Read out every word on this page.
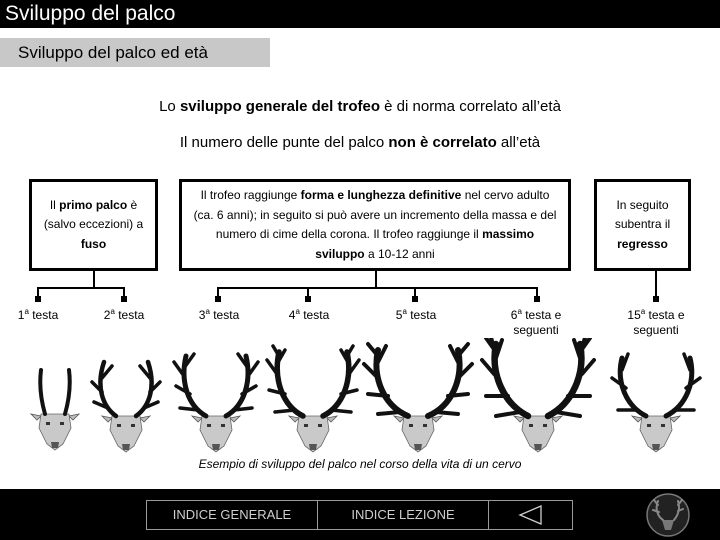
Sviluppo del palco
Sviluppo del palco ed età
Lo sviluppo generale del trofeo è di norma correlato all’età
Il numero delle punte del palco non è correlato all’età
Il primo palco è (salvo eccezioni) a fuso
Il trofeo raggiunge forma e lunghezza definitive nel cervo adulto (ca. 6 anni); in seguito si può avere un incremento della massa e del numero di cime della corona. Il trofeo raggiunge il massimo sviluppo a 10-12 anni
In seguito subentra il regresso
1$^a$ testa	2$^a$ testa	3$^a$ testa	4$^a$ testa	5$^a$ testa	6$^a$ testa e seguenti
15$^a$ testa e seguenti
Esempio di sviluppo del palco nel corso della vita di un cervo
INDICE GENERALE	INDICE LEZIONE
